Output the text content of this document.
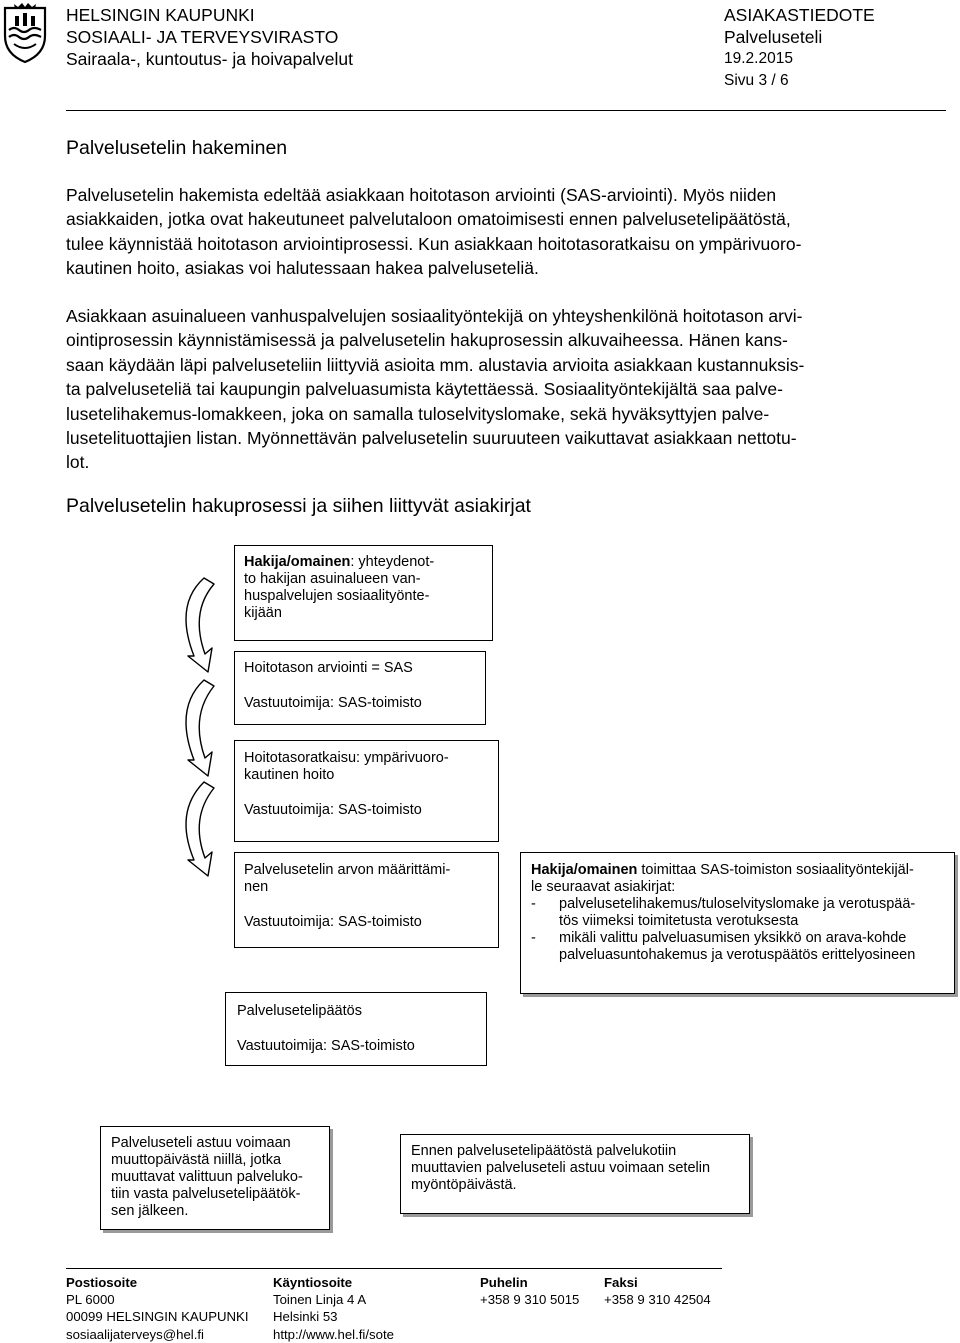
HELSINGIN KAUPUNKI
SOSIAALI- JA TERVEYSVIRASTO
Sairaala-, kuntoutus- ja hoivapalvelut
ASIAKASTIEDOTE
Palveluseteli
19.2.2015
Sivu 3 / 6
Palvelusetelin hakeminen
Palvelusetelin hakemista edeltää asiakkaan hoitotason arviointi (SAS-arviointi). Myös niiden
asiakkaiden, jotka ovat hakeutuneet palvelutaloon omatoimisesti ennen palvelusetelipäätöstä,
tulee käynnistää hoitotason arviointiprosessi. Kun asiakkaan hoitotasoratkaisu on ympärivuoro-
kautinen hoito, asiakas voi halutessaan hakea palveluseteliä.
Asiakkaan asuinalueen vanhuspalvelujen sosiaalityöntekijä on yhteyshenkilönä hoitotason arvi-
ointiprosessin käynnistämisessä ja palvelusetelin hakuprosessin alkuvaiheessa. Hänen kans-
saan käydään läpi palveluseteliin liittyviä asioita mm. alustavia arvioita asiakkaan kustannuksis-
ta palveluseteliä tai kaupungin palveluasumista käytettäessä. Sosiaalityöntekijältä saa palve-
lusetelihakemus-lomakkeen, joka on samalla tuloselvityslomake, sekä hyväksyttyjen palve-
lusetelituottajien listan. Myönnettävän palvelusetelin suuruuteen vaikuttavat asiakkaan nettotu-
lot.
Palvelusetelin hakuprosessi ja siihen liittyvät asiakirjat
Hakija/omainen: yhteydenot-
to hakijan asuinalueen van-
huspalvelujen sosiaalityönte-
kijään
Hoitotason arviointi = SAS
Vastuutoimija: SAS-toimisto
Hoitotasoratkaisu: ympärivuoro-
kautinen hoito
Vastuutoimija: SAS-toimisto
Palvelusetelin arvon määrittämi-
nen
Vastuutoimija: SAS-toimisto
Hakija/omainen toimittaa SAS-toimiston sosiaalityöntekijäl-
le seuraavat asiakirjat:
-	palvelusetelihakemus/tuloselvityslomake ja verotuspää-
tös viimeksi toimitetusta verotuksesta
-	mikäli valittu palveluasumisen yksikkö on arava-kohde
palveluasuntohakemus ja verotuspäätös erittelyosineen
Palvelusetelipäätös
Vastuutoimija: SAS-toimisto
Palveluseteli astuu voimaan
muuttopäivästä niillä, jotka
muuttavat valittuun palveluko-
tiin vasta palvelusetelipäätök-
sen jälkeen.
Ennen palvelusetelipäätöstä palvelukotiin
muuttavien palveluseteli astuu voimaan setelin
myöntöpäivästä.
Postiosoite
PL 6000
00099 HELSINGIN KAUPUNKI
sosiaalijaterveys@hel.fi
Käyntiosoite
Toinen Linja 4 A
Helsinki 53
http://www.hel.fi/sote
Puhelin
+358 9 310 5015
Faksi
+358 9 310 42504
